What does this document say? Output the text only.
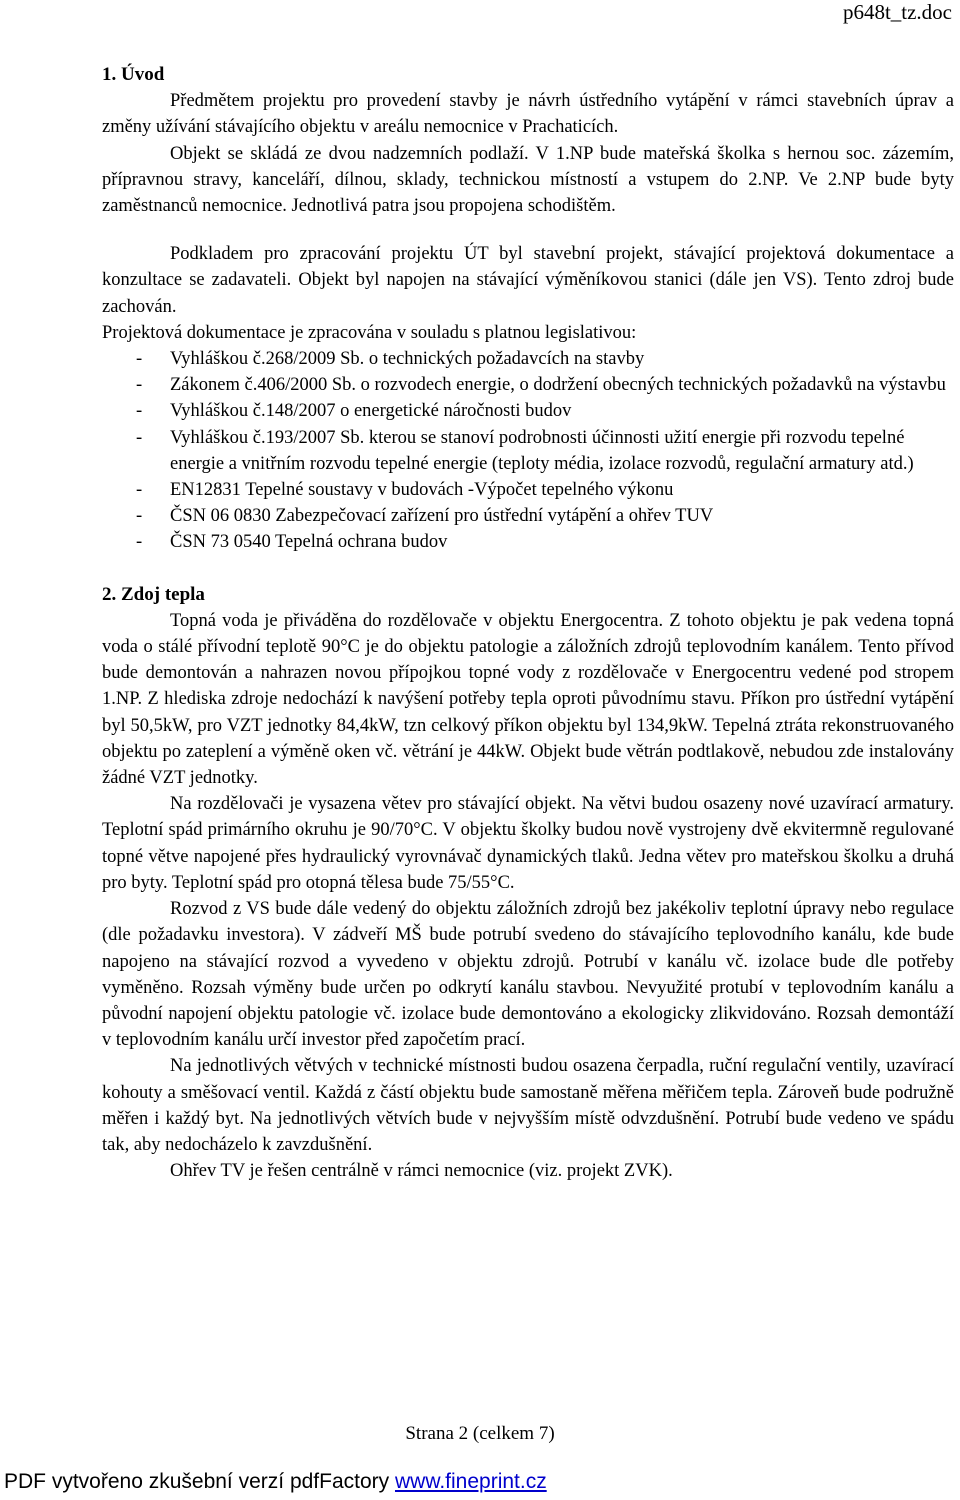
p648t_tz.doc
1. Úvod
Předmětem projektu pro provedení stavby je návrh ústředního vytápění v rámci stavebních úprav a změny užívání stávajícího objektu v areálu nemocnice v Prachaticích.
Objekt se skládá ze dvou nadzemních podlaží. V 1.NP bude mateřská školka s hernou soc. zázemím, přípravnou stravy, kanceláří, dílnou, sklady, technickou místností a vstupem do 2.NP. Ve 2.NP bude byty zaměstnanců nemocnice. Jednotlivá patra jsou propojena schodištěm.
Podkladem pro zpracování projektu ÚT byl stavební projekt, stávající projektová dokumentace a konzultace se zadavateli. Objekt byl napojen na stávající výměníkovou stanici (dále jen VS). Tento zdroj bude zachován.
Projektová dokumentace je zpracována v souladu s platnou legislativou:
- Vyhláškou č.268/2009 Sb. o technických požadavcích na stavby
- Zákonem č.406/2000 Sb. o rozvodech energie, o dodržení obecných technických požadavků na výstavbu
- Vyhláškou č.148/2007 o energetické náročnosti budov
- Vyhláškou č.193/2007 Sb. kterou se stanoví podrobnosti účinnosti užití energie při rozvodu tepelné energie a vnitřním rozvodu tepelné energie (teploty média, izolace rozvodů, regulační armatury atd.)
- EN12831 Tepelné soustavy v budovách -Výpočet tepelného výkonu
- ČSN 06 0830 Zabezpečovací zařízení pro ústřední vytápění a ohřev TUV
- ČSN 73 0540 Tepelná ochrana budov
2. Zdoj tepla
Topná voda je přiváděna do rozdělovače v objektu Energocentra. Z tohoto objektu je pak vedena topná voda o stálé přívodní teplotě 90°C je do objektu patologie a záložních zdrojů teplovodním kanálem. Tento přívod bude demontován a nahrazen novou přípojkou topné vody z rozdělovače v Energocentru vedené pod stropem 1.NP. Z hlediska zdroje nedochází k navýšení potřeby tepla oproti původnímu stavu. Příkon pro ústřední vytápění byl 50,5kW, pro VZT jednotky 84,4kW, tzn celkový příkon objektu byl 134,9kW. Tepelná ztráta rekonstruovaného objektu po zateplení a výměně oken vč. větrání je 44kW. Objekt bude větrán podtlakově, nebudou zde instalovány žádné VZT jednotky.
Na rozdělovači je vysazena větev pro stávající objekt. Na větvi budou osazeny nové uzavírací armatury. Teplotní spád primárního okruhu je 90/70°C. V objektu školky budou nově vystrojeny dvě ekvitermně regulované topné větve napojené přes hydraulický vyrovnávač dynamických tlaků. Jedna větev pro mateřskou školku a druhá pro byty. Teplotní spád pro otopná tělesa bude 75/55°C.
Rozvod z VS bude dále vedený do objektu záložních zdrojů bez jakékoliv teplotní úpravy nebo regulace (dle požadavku investora). V zádveří MŠ bude potrubí svedeno do stávajícího teplovodního kanálu, kde bude napojeno na stávající rozvod a vyvedeno v objektu zdrojů. Potrubí v kanálu vč. izolace bude dle potřeby vyměněno. Rozsah výměny bude určen po odkrytí kanálu stavbou. Nevyužité protubí v teplovodním kanálu a původní napojení objektu patologie vč. izolace bude demontováno a ekologicky zlikvidováno. Rozsah demontáží v teplovodním kanálu určí investor před započetím prací.
Na jednotlivých větvých v technické místnosti budou osazena čerpadla, ruční regulační ventily, uzavírací kohouty a směšovací ventil. Každá z částí objektu bude samostaně měřena měřičem tepla. Zároveň bude podružně měřen i každý byt. Na jednotlivých větvích bude v nejvyšším místě odvzdušnění. Potrubí bude vedeno ve spádu tak, aby nedocházelo k zavzdušnění.
Ohřev TV je řešen centrálně v rámci nemocnice (viz. projekt ZVK).
Strana 2 (celkem 7)
PDF vytvořeno zkušební verzí pdfFactory www.fineprint.cz
